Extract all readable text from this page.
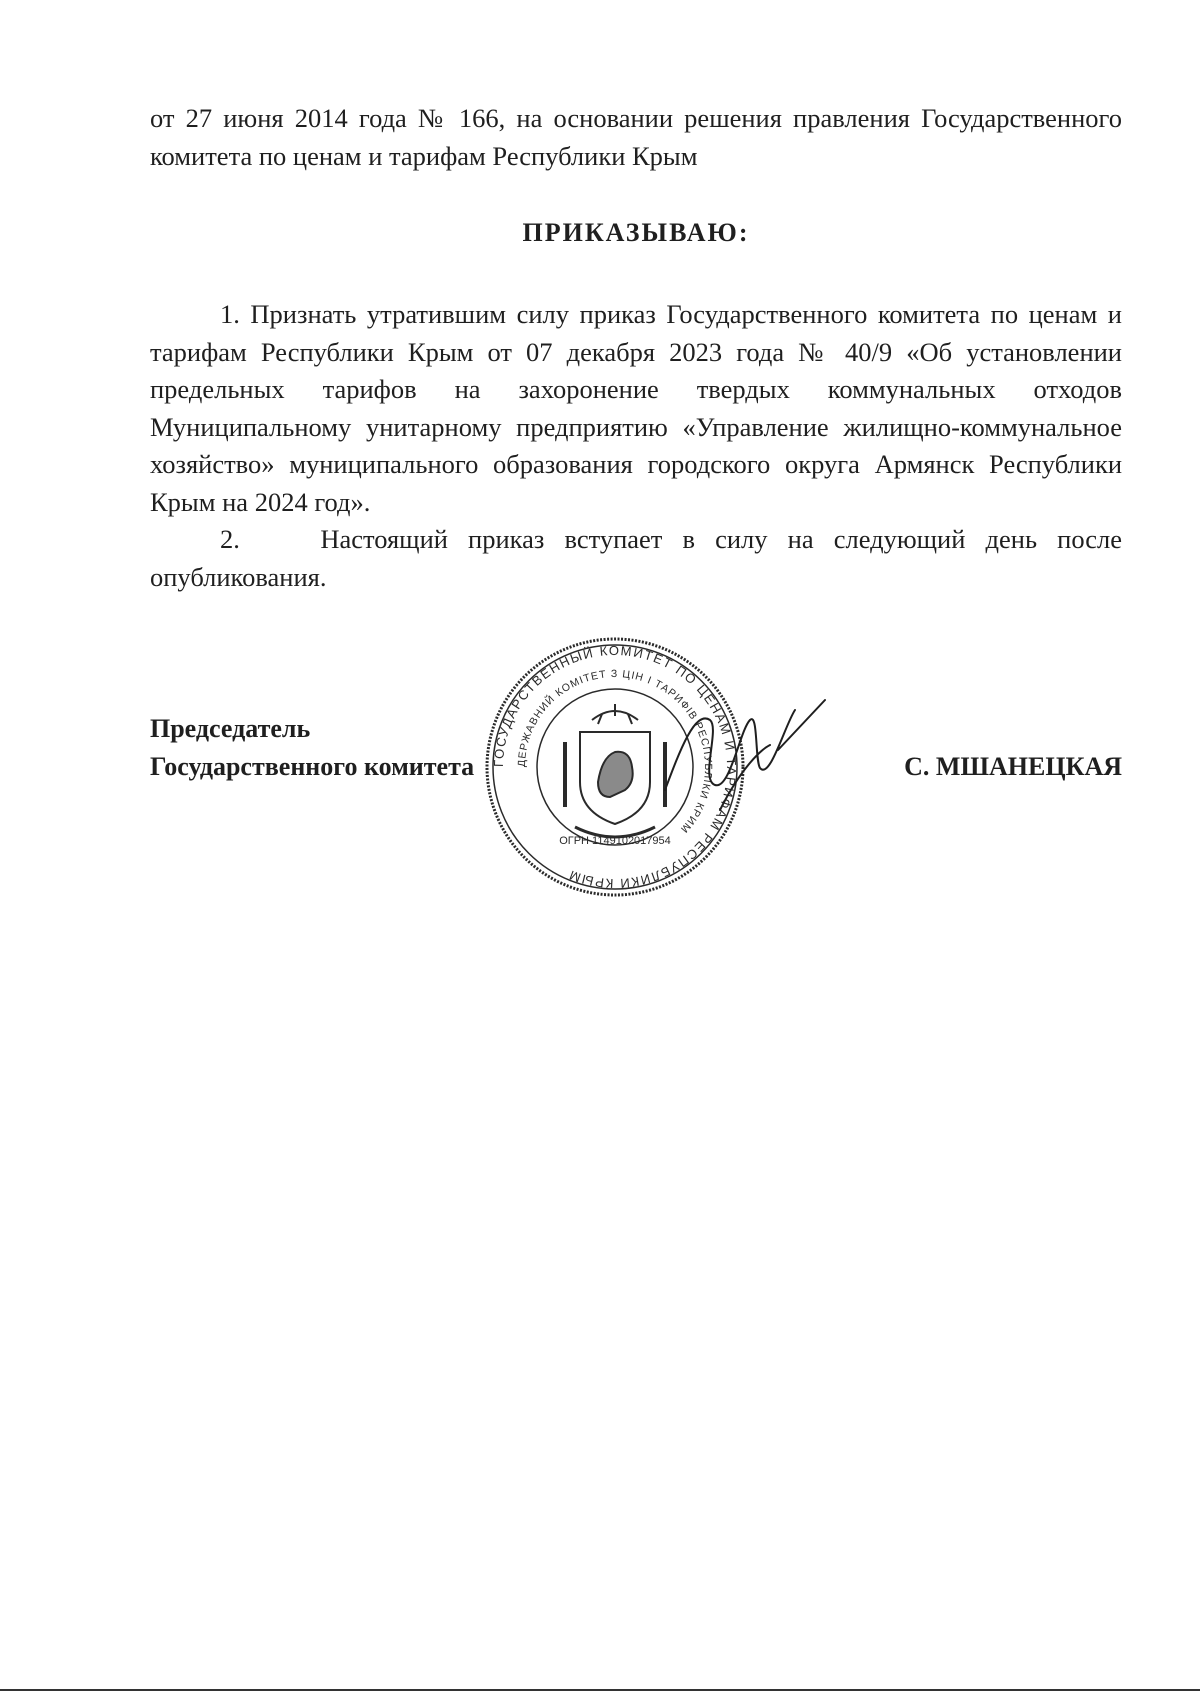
от 27 июня 2014 года № 166, на основании решения правления Государственного комитета по ценам и тарифам Республики Крым

ПРИКАЗЫВАЮ:

1. Признать утратившим силу приказ Государственного комитета по ценам и тарифам Республики Крым от 07 декабря 2023 года № 40/9 «Об установлении предельных тарифов на захоронение твердых коммунальных отходов Муниципальному унитарному предприятию «Управление жилищно-коммунальное хозяйство» муниципального образования городского округа Армянск Республики Крым на 2024 год».

2.    Настоящий приказ вступает в силу на следующий день после опубликования.

Председатель
Государственного комитета	С. МШАНЕЦКАЯ
ГОСУДАРСТВЕННЫЙ КОМИТЕТ ПО ЦЕНАМ И ТАРИФАМ РЕСПУБЛИКИ КРЫМ
ДЕРЖАВНИЙ КОМІТЕТ З ЦІН І ТАРИФІВ РЕСПУБЛІКИ КРИМ
ОГРН 1149102017954
